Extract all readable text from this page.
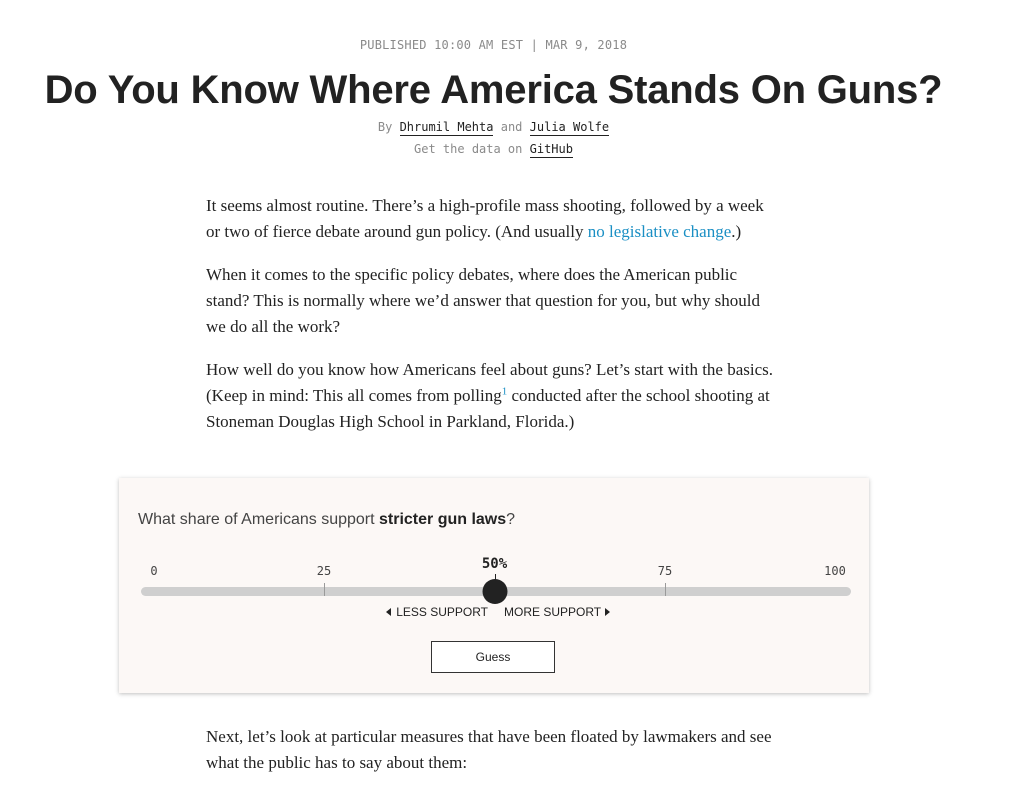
PUBLISHED 10:00 AM EST | MAR 9, 2018
Do You Know Where America Stands On Guns?
By Dhrumil Mehta and Julia Wolfe
Get the data on GitHub

It seems almost routine. There’s a high-profile mass shooting, followed by a week or two of fierce debate around gun policy. (And usually no legislative change.)

When it comes to the specific policy debates, where does the American public stand? This is normally where we’d answer that question for you, but why should we do all the work?

How well do you know how Americans feel about guns? Let’s start with the basics. (Keep in mind: This all comes from polling$^1$ conducted after the school shooting at Stoneman Douglas High School in Parkland, Florida.)

What share of Americans support stricter gun laws?
0	25	75	100
50%
LESS SUPPORT MORE SUPPORT
Guess

Next, let’s look at particular measures that have been floated by lawmakers and see what the public has to say about them:
